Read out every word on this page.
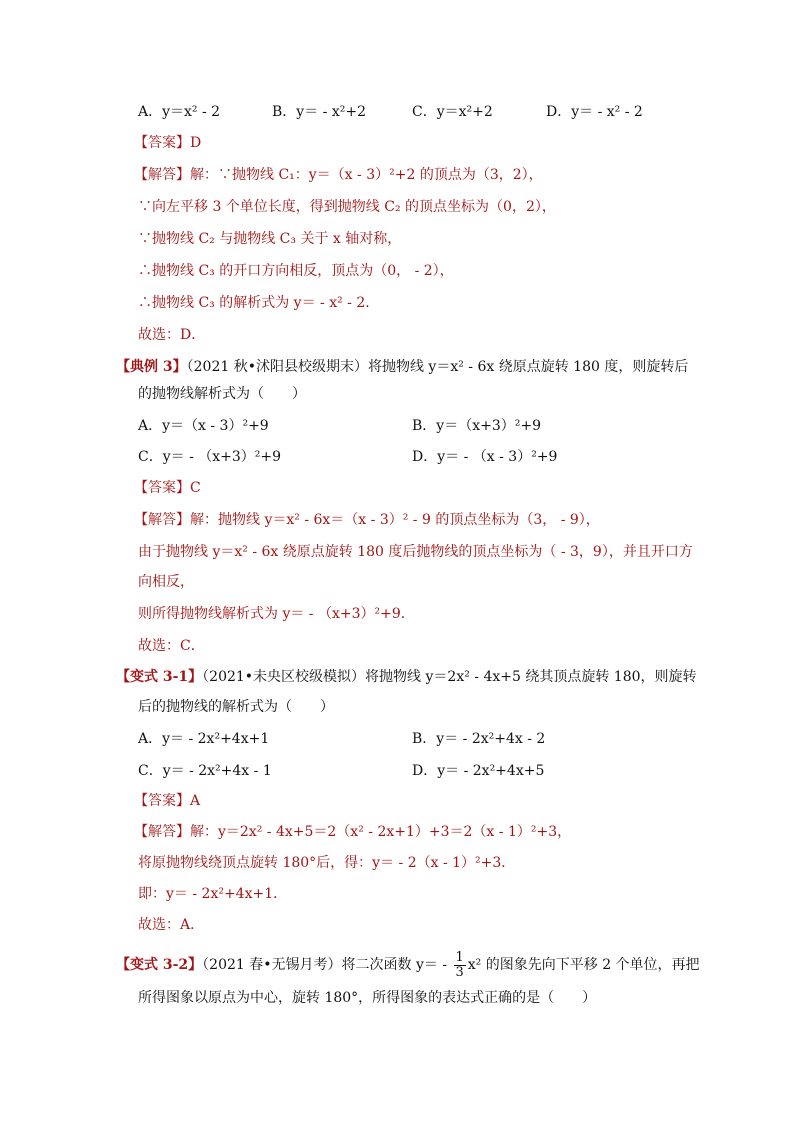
A．y＝x² - 2	B．y＝ - x²+2	C．y＝x²+2	D．y＝ - x² - 2
【答案】D
【解答】解：∵抛物线 C₁：y＝（x - 3）²+2 的顶点为（3，2），
∵向左平移 3 个单位长度，得到抛物线 C₂ 的顶点坐标为（0，2），
∵抛物线 C₂ 与抛物线 C₃ 关于 x 轴对称，
∴抛物线 C₃ 的开口方向相反，顶点为（0， - 2），
∴抛物线 C₃ 的解析式为 y＝ - x² - 2．
故选：D．
【典例 3】（2021 秋•沭阳县校级期末）将抛物线 y＝x² - 6x 绕原点旋转 180 度，则旋转后
的抛物线解析式为（　　）
A．y＝（x - 3）²+9	B．y＝（x+3）²+9
C．y＝ - （x+3）²+9	D．y＝ - （x - 3）²+9
【答案】C
【解答】解：抛物线 y＝x² - 6x＝（x - 3）² - 9 的顶点坐标为（3， - 9），
由于抛物线 y＝x² - 6x 绕原点旋转 180 度后抛物线的顶点坐标为（ - 3，9），并且开口方
向相反，
则所得抛物线解析式为 y＝ - （x+3）²+9．
故选：C．
【变式 3-1】（2021•未央区校级模拟）将抛物线 y＝2x² - 4x+5 绕其顶点旋转 180，则旋转
后的抛物线的解析式为（　　）
A．y＝ - 2x²+4x+1	B．y＝ - 2x²+4x - 2
C．y＝ - 2x²+4x - 1	D．y＝ - 2x²+4x+5
【答案】A
【解答】解：y＝2x² - 4x+5＝2（x² - 2x+1）+3＝2（x - 1）²+3，
将原抛物线绕顶点旋转 180°后，得：y＝ - 2（x - 1）²+3．
即：y＝ - 2x²+4x+1．
故选：A．
【变式 3-2】（2021 春•无锡月考）将二次函数 $y= - \frac{1}{3} x^2$ 的图象先向下平移 2 个单位，再把
所得图象以原点为中心，旋转 180°，所得图象的表达式正确的是（　　）
